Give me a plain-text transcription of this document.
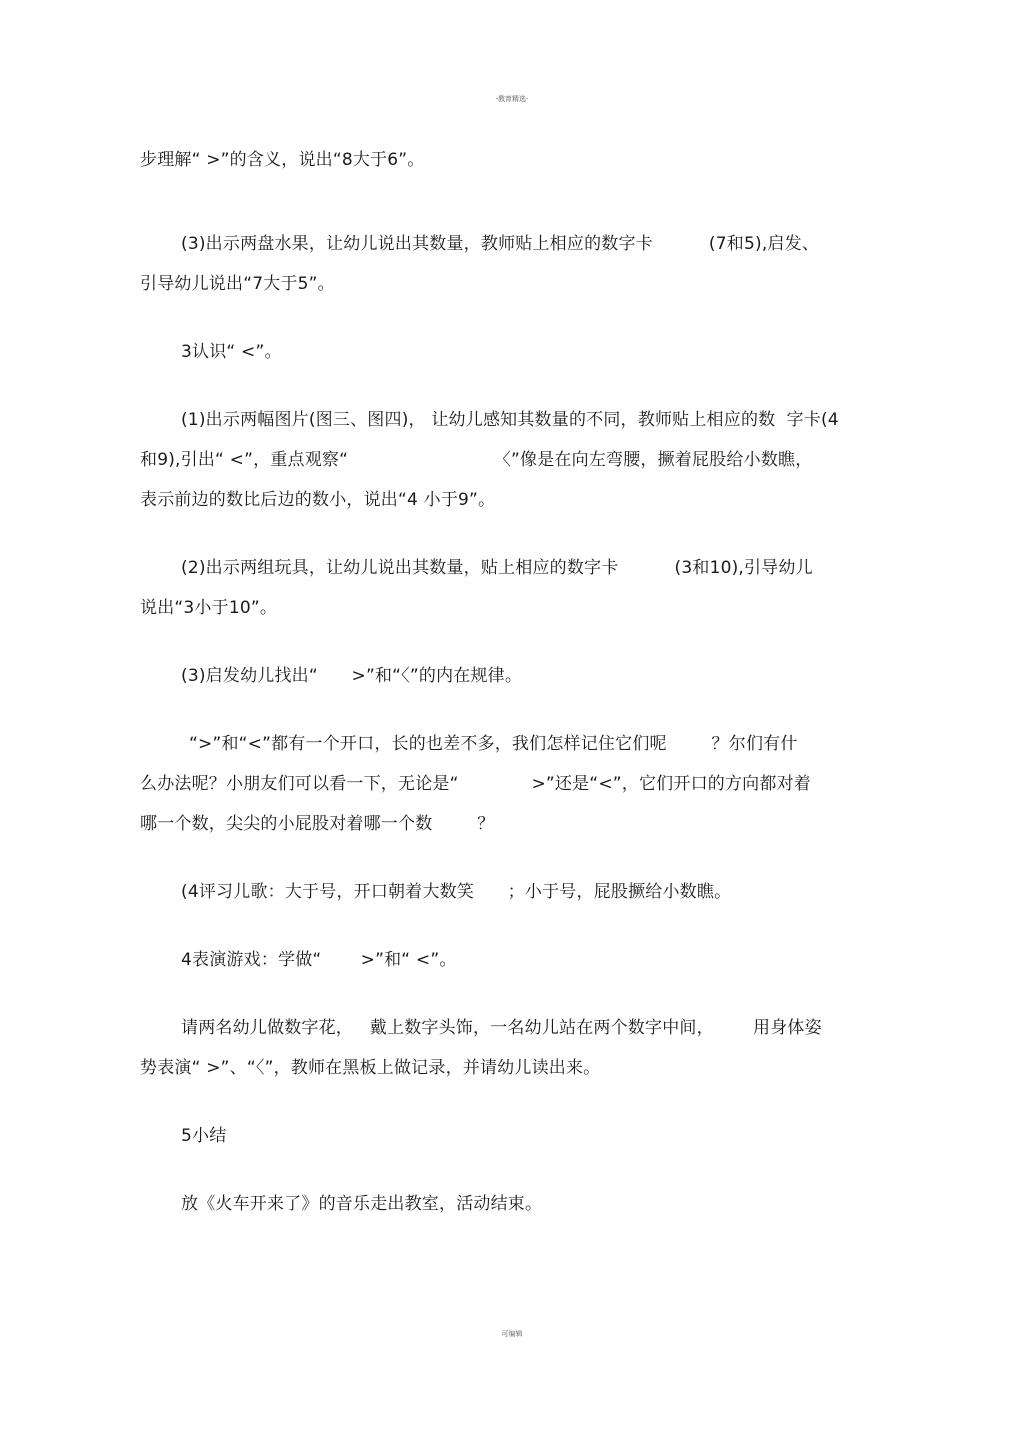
-教育精选-
步理解“ >”的含义，说出“8大于6”。
(3)出示两盘水果，让幼儿说出其数量，教师贴上相应的数字卡          (7和5),启发、
引导幼儿说出“7大于5”。
3认识“ <”。
(1)出示两幅图片(图三、图四)， 让幼儿感知其数量的不同，教师贴上相应的数  字卡(4
和9),引出“ <”，重点观察“                          〈”像是在向左弯腰，撅着屁股给小数瞧，
表示前边的数比后边的数小，说出“4 小于9”。
(2)出示两组玩具，让幼儿说出其数量，贴上相应的数字卡          (3和10),引导幼儿
说出“3小于10”。
(3)启发幼儿找出“      >”和“〈”的内在规律。
“>”和“<”都有一个开口，长的也差不多，我们怎样记住它们呢        ？尔们有什
么办法呢？小朋友们可以看一下，无论是“             >”还是“<”，它们开口的方向都对着
哪一个数，尖尖的小屁股对着哪一个数        ？
(4评习儿歌：大于号，开口朝着大数笑      ；小于号，屁股撅给小数瞧。
4表演游戏：学做“       >”和“ <”。
请两名幼儿做数字花，   戴上数字头饰，一名幼儿站在两个数字中间，       用身体姿
势表演“ >”、“〈”，教师在黑板上做记录，并请幼儿读出来。
5小结
放《火车开来了》的音乐走出教室，活动结束。
可编辑
